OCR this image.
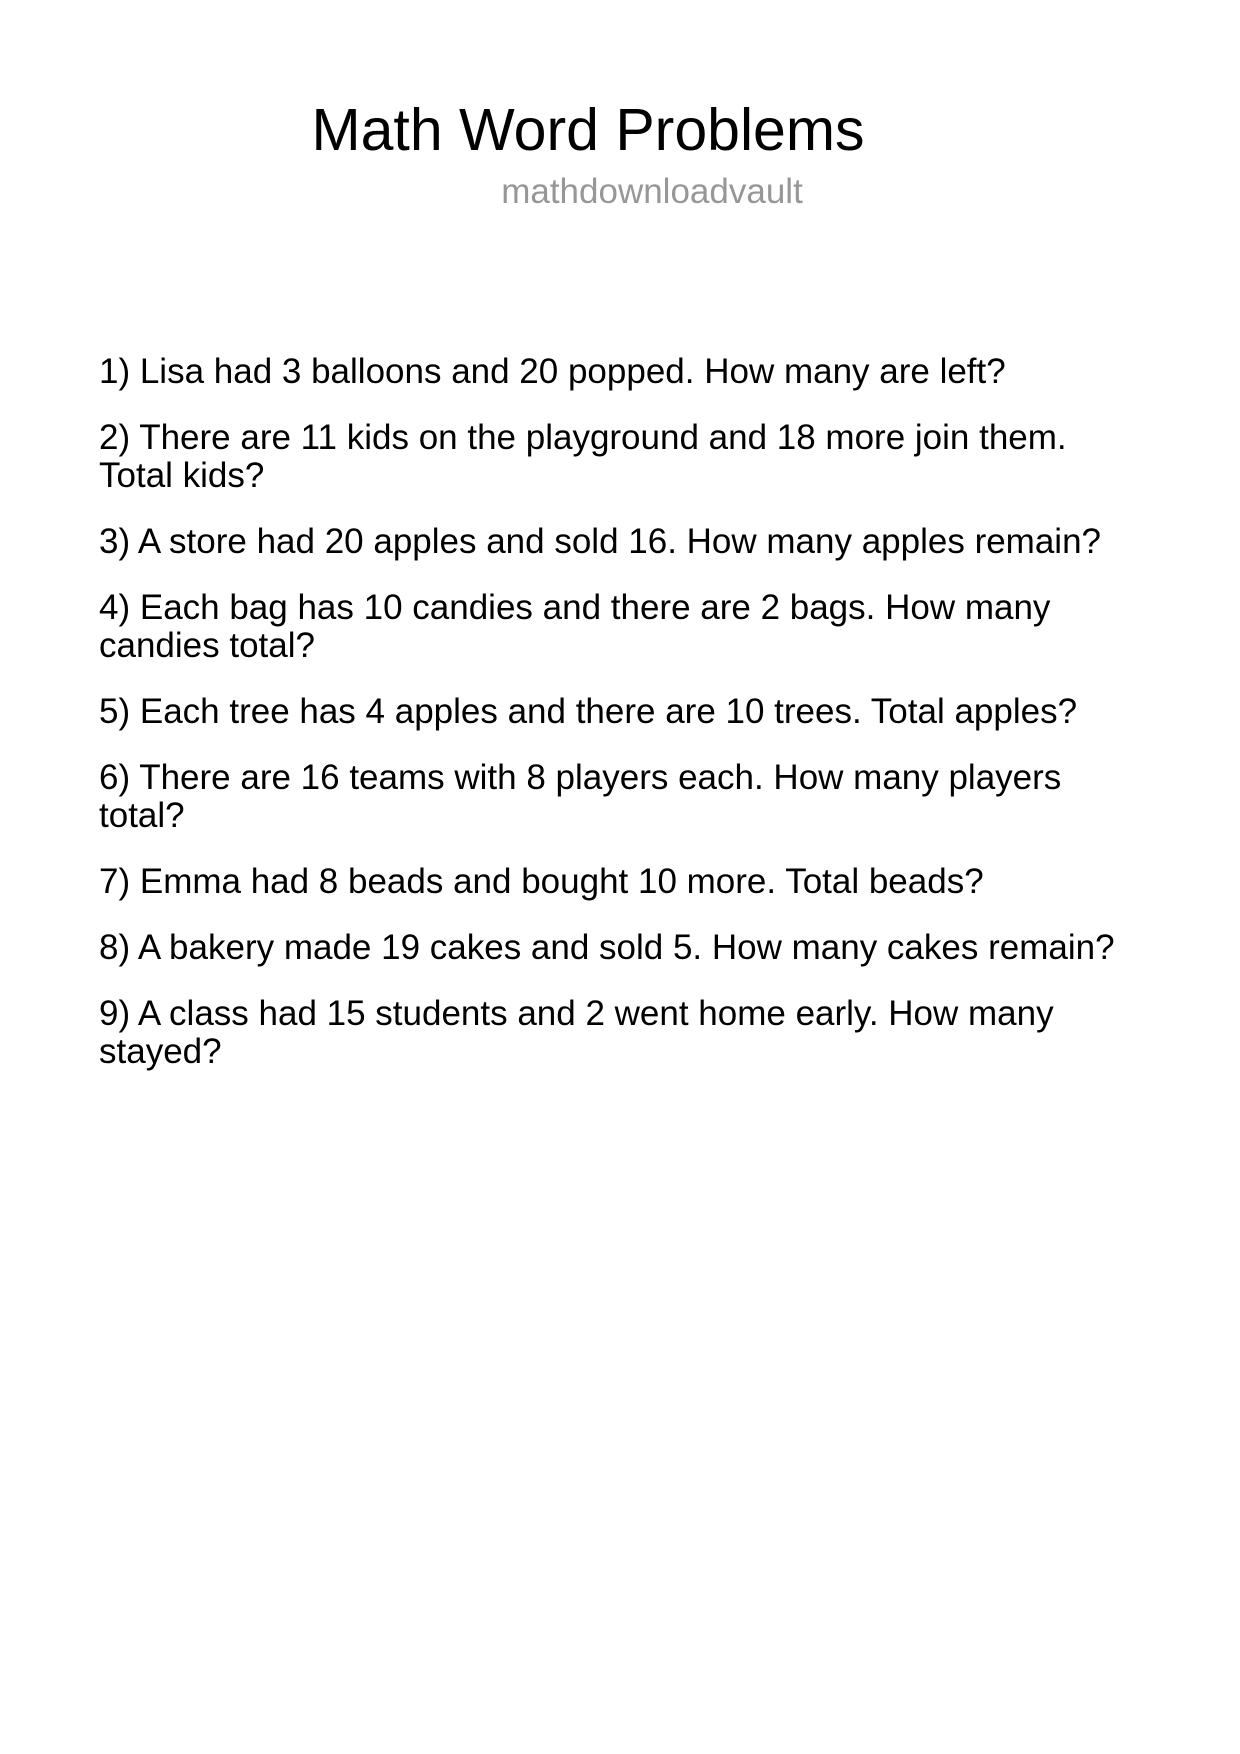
Math Word Problems
mathdownloadvault

1) Lisa had 3 balloons and 20 popped. How many are left?

2) There are 11 kids on the playground and 18 more join them. Total kids?

3) A store had 20 apples and sold 16. How many apples remain?

4) Each bag has 10 candies and there are 2 bags. How many candies total?

5) Each tree has 4 apples and there are 10 trees. Total apples?

6) There are 16 teams with 8 players each. How many players total?

7) Emma had 8 beads and bought 10 more. Total beads?

8) A bakery made 19 cakes and sold 5. How many cakes remain?

9) A class had 15 students and 2 went home early. How many stayed?
